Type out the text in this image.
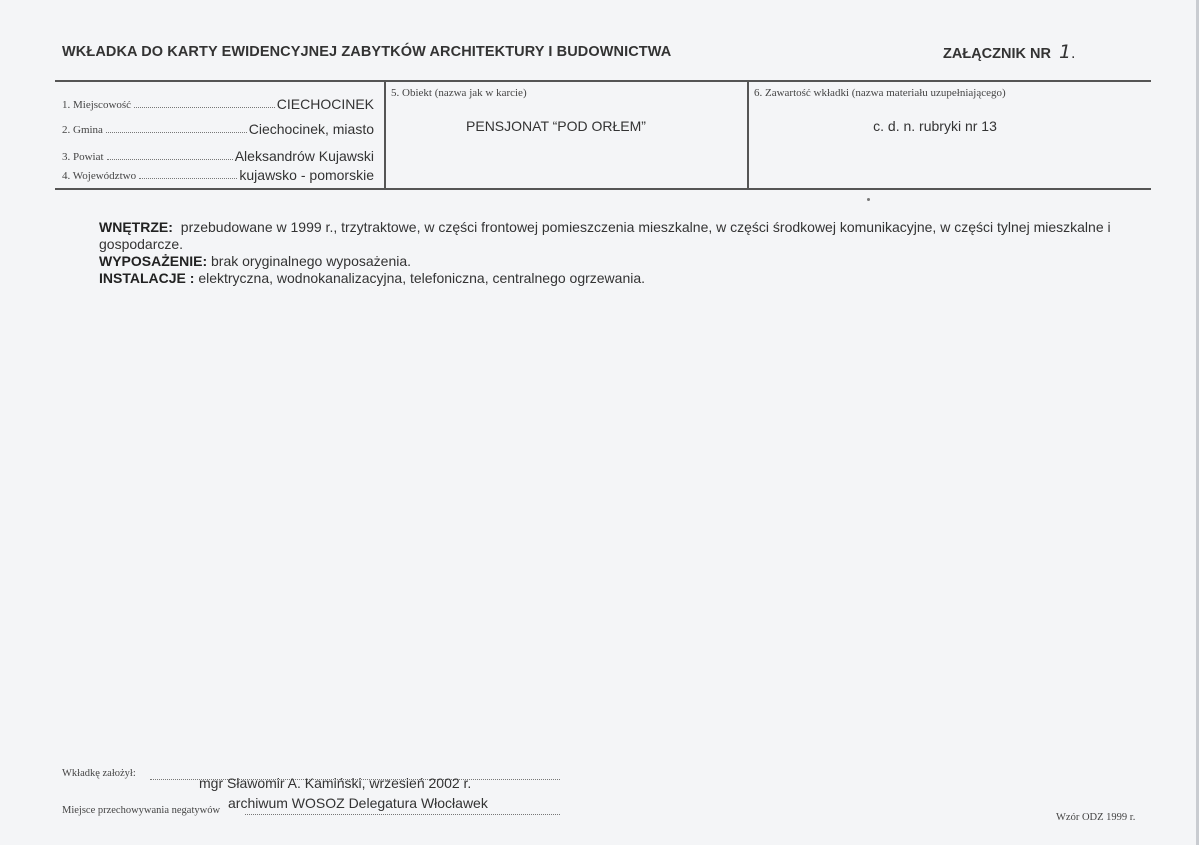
WKŁADKA DO KARTY EWIDENCYJNEJ ZABYTKÓW ARCHITEKTURY I BUDOWNICTWA	ZAŁĄCZNIK NR 1.
1. Miejscowość	CIECHOCINEK
2. Gmina	Ciechocinek, miasto
3. Powiat	Aleksandrów Kujawski
4. Województwo	kujawsko - pomorskie
5. Obiekt (nazwa jak w karcie)
PENSJONAT “POD ORŁEM”
6. Zawartość wkładki (nazwa materiału uzupełniającego)
c. d. n. rubryki nr 13
WNĘTRZE: przebudowane w 1999 r., trzytraktowe, w części frontowej pomieszczenia mieszkalne, w części środkowej komunikacyjne, w części tylnej mieszkalne i gospodarcze.
WYPOSAŻENIE: brak oryginalnego wyposażenia.
INSTALACJE : elektryczna, wodnokanalizacyjna, telefoniczna, centralnego ogrzewania.
Wkładkę założył:
mgr Sławomir A. Kamiński, wrzesień 2002 r.
Miejsce przechowywania negatywów archiwum WOSOZ Delegatura Włocławek
Wzór ODZ 1999 r.
